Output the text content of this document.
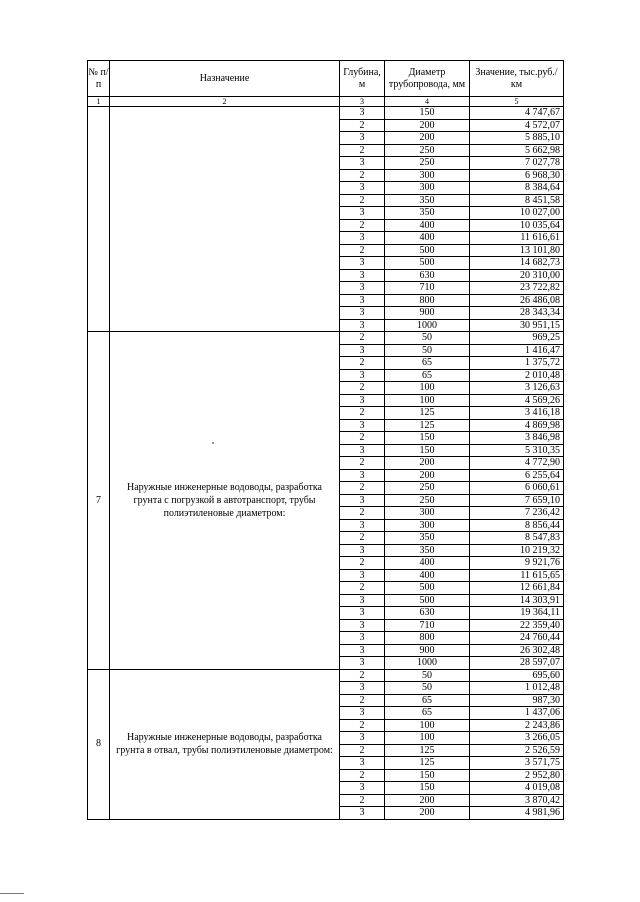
№ п/п	Назначение	Глубина, м	Диаметр трубопровода, мм	Значение, тыс.руб./км
1	2	3	4	5
		3	150	4 747,67
		2	200	4 572,07
		3	200	5 885,10
		2	250	5 662,98
		3	250	7 027,78
		2	300	6 968,30
		3	300	8 384,64
		2	350	8 451,58
		3	350	10 027,00
		2	400	10 035,64
		3	400	11 616,61
		2	500	13 101,80
		3	500	14 682,73
		3	630	20 310,00
		3	710	23 722,82
		3	800	26 486,08
		3	900	28 343,34
		3	1000	30 951,15
7	Наружные инженерные водоводы, разработка грунта с погрузкой в автотранспорт, трубы полиэтиленовые диаметром:	2	50	969,25
		3	50	1 416,47
		2	65	1 375,72
		3	65	2 010,48
		2	100	3 126,63
		3	100	4 569,26
		2	125	3 416,18
		3	125	4 869,98
		2	150	3 846,98
		3	150	5 310,35
		2	200	4 772,90
		3	200	6 255,64
		2	250	6 060,61
		3	250	7 659,10
		2	300	7 236,42
		3	300	8 856,44
		2	350	8 547,83
		3	350	10 219,32
		2	400	9 921,76
		3	400	11 615,65
		2	500	12 661,84
		3	500	14 303,91
		3	630	19 364,11
		3	710	22 359,40
		3	800	24 760,44
		3	900	26 302,48
		3	1000	28 597,07
8	Наружные инженерные водоводы, разработка грунта в отвал, трубы полиэтиленовые диаметром:	2	50	695,60
		3	50	1 012,48
		2	65	987,30
		3	65	1 437,06
		2	100	2 243,86
		3	100	3 266,05
		2	125	2 526,59
		3	125	3 571,75
		2	150	2 952,80
		3	150	4 019,08
		2	200	3 870,42
		3	200	4 981,96
